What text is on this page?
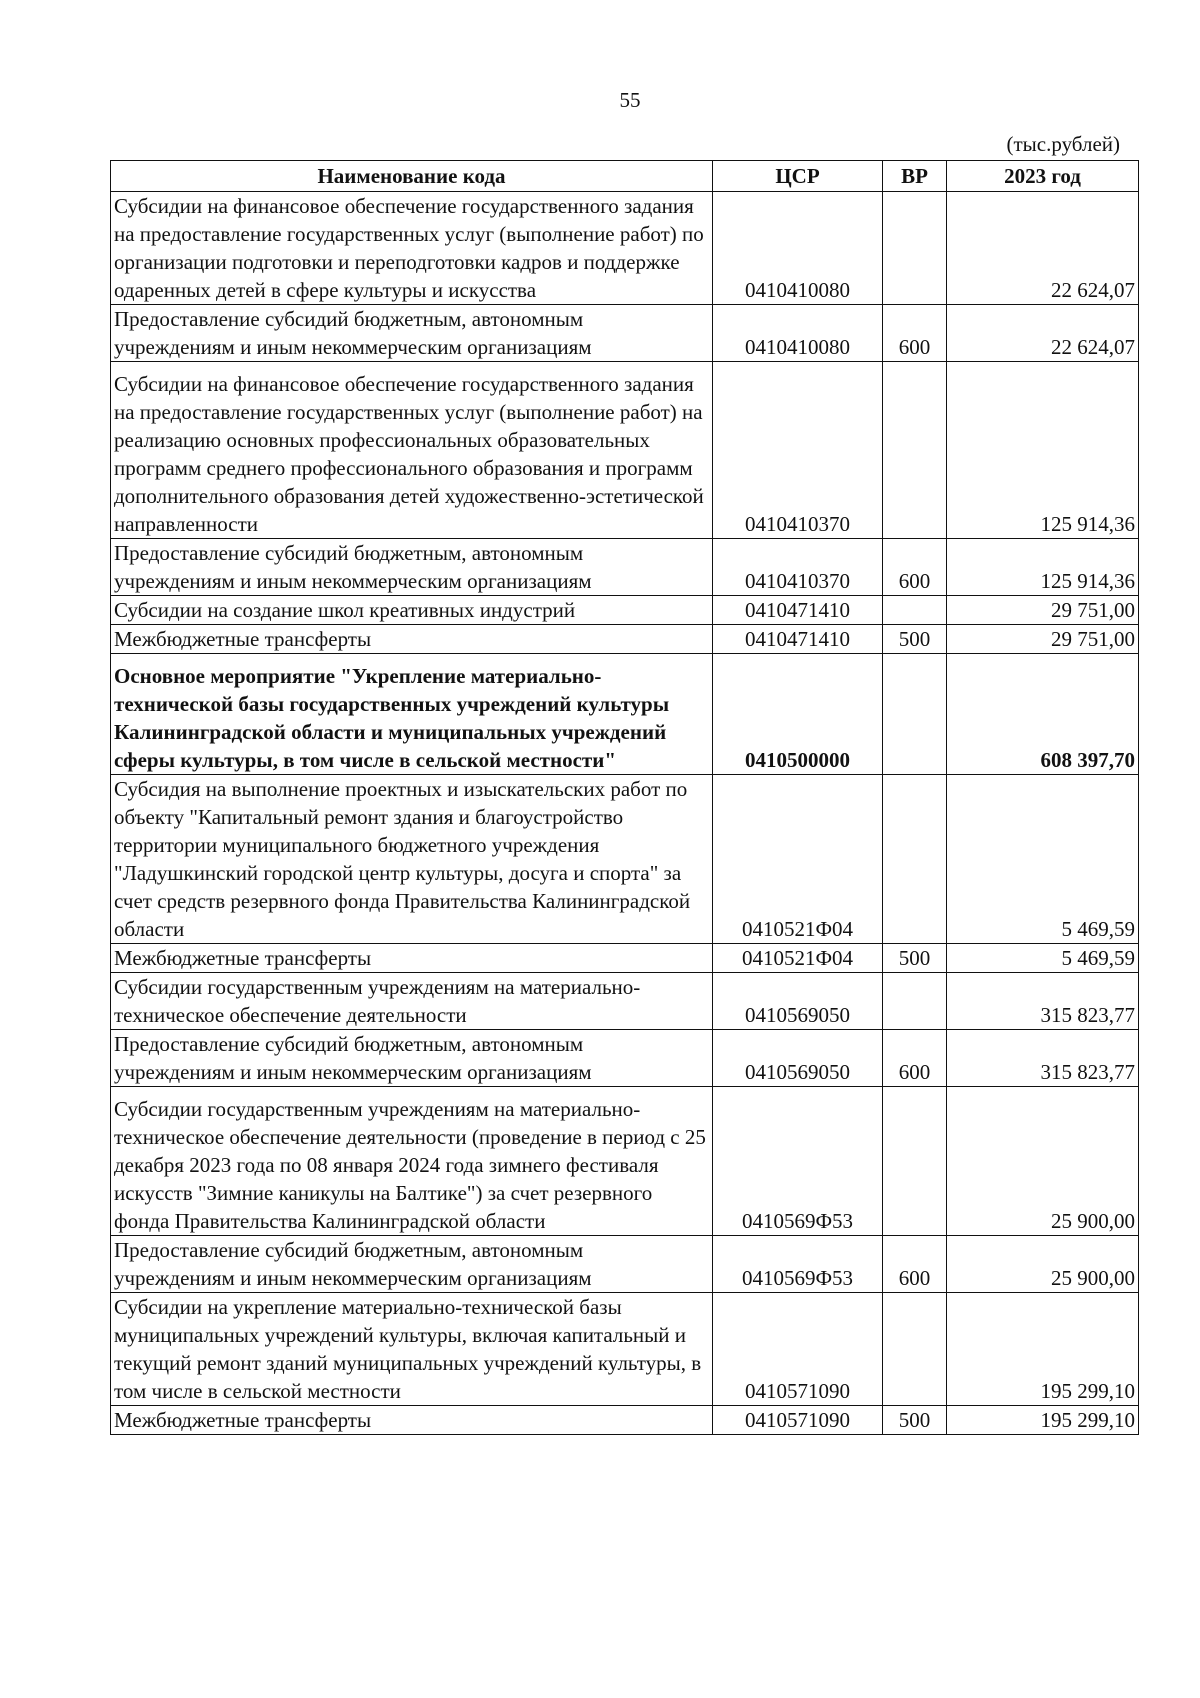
55
(тыс.рублей)
Наименование кода	ЦСР	ВР	2023 год
Субсидии на финансовое обеспечение государственного задания на предоставление государственных услуг (выполнение работ) по организации подготовки и переподготовки кадров и поддержке одаренных детей в сфере культуры и искусства	0410410080		22 624,07
Предоставление субсидий бюджетным, автономным учреждениям и иным некоммерческим организациям	0410410080	600	22 624,07
Субсидии на финансовое обеспечение государственного задания на предоставление государственных услуг (выполнение работ) на реализацию основных профессиональных образовательных программ среднего профессионального образования и программ дополнительного образования детей художественно-эстетической направленности	0410410370		125 914,36
Предоставление субсидий бюджетным, автономным учреждениям и иным некоммерческим организациям	0410410370	600	125 914,36
Субсидии на создание школ креативных индустрий	0410471410		29 751,00
Межбюджетные трансферты	0410471410	500	29 751,00
Основное мероприятие "Укрепление материально-технической базы государственных учреждений культуры Калининградской области и муниципальных учреждений сферы культуры, в том числе в сельской местности"	0410500000		608 397,70
Субсидия на выполнение проектных и изыскательских работ по объекту "Капитальный ремонт здания и благоустройство территории муниципального бюджетного учреждения "Ладушкинский городской центр культуры, досуга и спорта" за счет средств резервного фонда Правительства Калининградской области	0410521Ф04		5 469,59
Межбюджетные трансферты	0410521Ф04	500	5 469,59
Субсидии государственным учреждениям на материально-техническое обеспечение деятельности	0410569050		315 823,77
Предоставление субсидий бюджетным, автономным учреждениям и иным некоммерческим организациям	0410569050	600	315 823,77
Субсидии государственным учреждениям на материально-техническое обеспечение деятельности (проведение в период с 25 декабря 2023 года по 08 января 2024 года зимнего фестиваля искусств "Зимние каникулы на Балтике") за счет резервного фонда Правительства Калининградской области	0410569Ф53		25 900,00
Предоставление субсидий бюджетным, автономным учреждениям и иным некоммерческим организациям	0410569Ф53	600	25 900,00
Субсидии на укрепление материально-технической базы муниципальных учреждений культуры, включая капитальный и текущий ремонт зданий муниципальных учреждений культуры, в том числе в сельской местности	0410571090		195 299,10
Межбюджетные трансферты	0410571090	500	195 299,10
